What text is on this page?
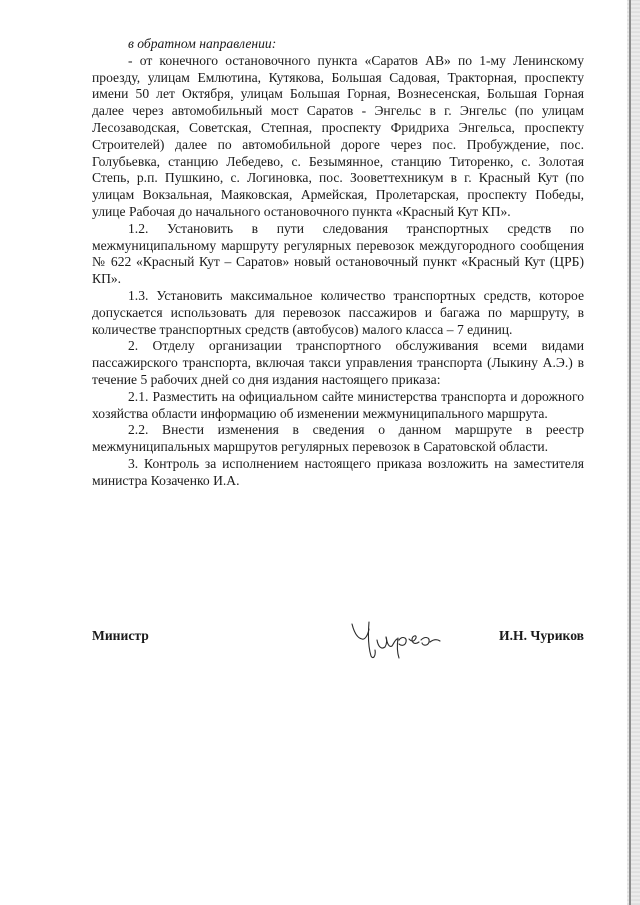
в обратном направлении:

- от конечного остановочного пункта «Саратов АВ» по 1-му Ленинскому проезду, улицам Емлютина, Кутякова, Большая Садовая, Тракторная, проспекту имени 50 лет Октября, улицам Большая Горная, Вознесенская, Большая Горная далее через автомобильный мост Саратов - Энгельс в г. Энгельс (по улицам Лесозаводская, Советская, Степная, проспекту Фридриха Энгельса, проспекту Строителей) далее по автомобильной дороге через пос. Пробуждение, пос. Голубьевка, станцию Лебедево, с. Безымянное, станцию Титоренко, с. Золотая Степь, р.п. Пушкино, с. Логиновка, пос. Зооветтехникум в г. Красный Кут (по улицам Вокзальная, Маяковская, Армейская, Пролетарская, проспекту Победы, улице Рабочая до начального остановочного пункта «Красный Кут КП».

1.2. Установить в пути следования транспортных средств по межмуниципальному маршруту регулярных перевозок междугородного сообщения № 622 «Красный Кут – Саратов» новый остановочный пункт «Красный Кут (ЦРБ) КП».

1.3. Установить максимальное количество транспортных средств, которое допускается использовать для перевозок пассажиров и багажа по маршруту, в количестве транспортных средств (автобусов) малого класса – 7 единиц.

2. Отделу организации транспортного обслуживания всеми видами пассажирского транспорта, включая такси управления транспорта (Лыкину А.Э.) в течение 5 рабочих дней со дня издания настоящего приказа:

2.1. Разместить на официальном сайте министерства транспорта и дорожного хозяйства области информацию об изменении межмуниципального маршрута.

2.2. Внести изменения в сведения о данном маршруте в реестр межмуниципальных маршрутов регулярных перевозок в Саратовской области.

3. Контроль за исполнением настоящего приказа возложить на заместителя министра Козаченко И.А.

Министр	И.Н. Чуриков
